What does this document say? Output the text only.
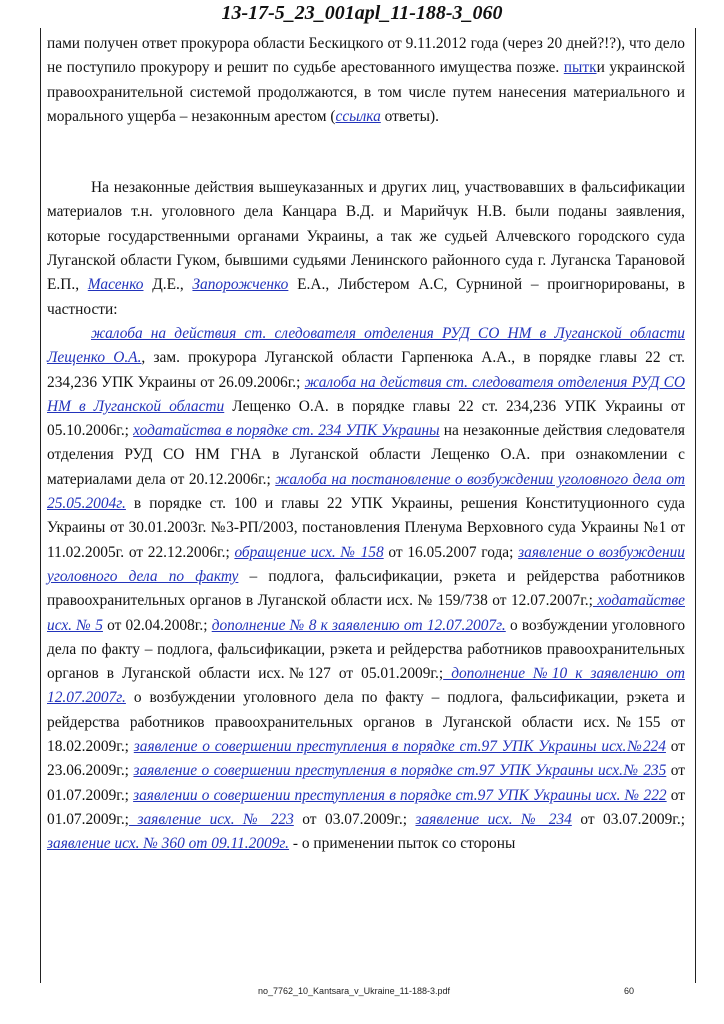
13-17-5_23_001apl_11-188-3_060

пами получен ответ прокурора области Бескицкого от 9.11.2012 года (через 20 дней?!?), что дело не поступило прокурору и решит по судьбе арестованного имущества позже. пытки украинской правоохранительной системой продолжаются, в том числе путем нанесения материального и морального ущерба – незаконным арестом (ссылка ответы).

На незаконные действия вышеуказанных и других лиц, участвовавших в фальсификации материалов т.н. уголовного дела Канцара В.Д. и Марийчук Н.В. были поданы заявления, которые государственными органами Украины, а так же судьей Алчевского городского суда Луганской области Гуком, бывшими судьями Ленинского районного суда г. Луганска Тарановой Е.П., Масенко Д.Е., Запорожченко Е.А., Либстером А.С, Сурниной – проигнорированы, в частности:

жалоба на действия ст. следователя отделения РУД СО НМ в Луганской области Лещенко О.А., зам. прокурора Луганской области Гарпенюка А.А., в порядке главы 22 ст. 234,236 УПК Украины от 26.09.2006г.; жалоба на действия ст. следователя отделения РУД СО НМ в Луганской области Лещенко О.А. в порядке главы 22 ст. 234,236 УПК Украины от 05.10.2006г.; ходатайства в порядке ст. 234 УПК Украины на незаконные действия следователя отделения РУД СО НМ ГНА в Луганской области Лещенко О.А. при ознакомлении с материалами дела от 20.12.2006г.; жалоба на постановление о возбуждении уголовного дела от 25.05.2004г. в порядке ст. 100 и главы 22 УПК Украины, решения Конституционного суда Украины от 30.01.2003г. №3-РП/2003, постановления Пленума Верховного суда Украины №1 от 11.02.2005г. от 22.12.2006г.; обращение исх. № 158 от 16.05.2007 года; заявление о возбуждении уголовного дела по факту – подлога, фальсификации, рэкета и рейдерства работников правоохранительных органов в Луганской области исх. № 159/738 от 12.07.2007г.; ходатайстве исх. № 5 от 02.04.2008г.; дополнение № 8 к заявлению от 12.07.2007г. о возбуждении уголовного дела по факту – подлога, фальсификации, рэкета и рейдерства работников правоохранительных органов в Луганской области исх.№127 от 05.01.2009г.; дополнение №10 к заявлению от 12.07.2007г. о возбуждении уголовного дела по факту – подлога, фальсификации, рэкета и рейдерства работников правоохранительных органов в Луганской области исх.№155 от 18.02.2009г.; заявление о совершении преступления в порядке ст.97 УПК Украины исх.№224 от 23.06.2009г.; заявление о совершении преступления в порядке ст.97 УПК Украины исх.№ 235 от 01.07.2009г.; заявлении о совершении преступления в порядке ст.97 УПК Украины исх. № 222 от 01.07.2009г.; заявление исх. № 223 от 03.07.2009г.; заявление исх. № 234 от 03.07.2009г.; заявление исх. № 360 от 09.11.2009г. - о применении пыток со стороны

no_7762_10_Kantsara_v_Ukraine_11-188-3.pdf	60
